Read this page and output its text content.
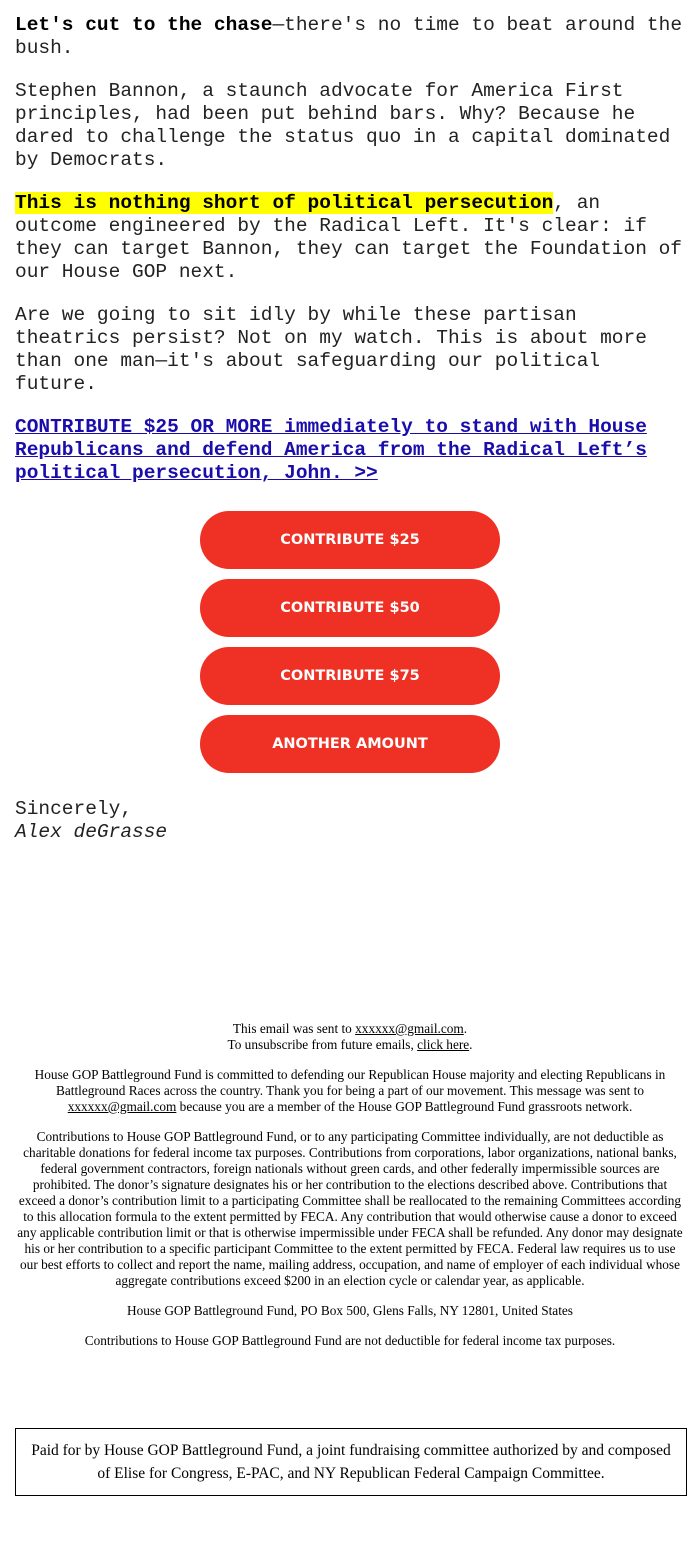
Let's cut to the chase—there's no time to beat around the bush.

Stephen Bannon, a staunch advocate for America First principles, had been put behind bars. Why? Because he dared to challenge the status quo in a capital dominated by Democrats.

This is nothing short of political persecution, an outcome engineered by the Radical Left. It's clear: if they can target Bannon, they can target the Foundation of our House GOP next.

Are we going to sit idly by while these partisan theatrics persist? Not on my watch. This is about more than one man—it's about safeguarding our political future.

CONTRIBUTE $25 OR MORE immediately to stand with House Republicans and defend America from the Radical Left’s political persecution, John. >>

CONTRIBUTE $25
CONTRIBUTE $50
CONTRIBUTE $75
ANOTHER AMOUNT
Sincerely,
Alex deGrasse

This email was sent to xxxxxx@gmail.com.
To unsubscribe from future emails, click here.

House GOP Battleground Fund is committed to defending our Republican House majority and electing Republicans in Battleground Races across the country. Thank you for being a part of our movement. This message was sent to xxxxxx@gmail.com because you are a member of the House GOP Battleground Fund grassroots network.

Contributions to House GOP Battleground Fund, or to any participating Committee individually, are not deductible as charitable donations for federal income tax purposes. Contributions from corporations, labor organizations, national banks, federal government contractors, foreign nationals without green cards, and other federally impermissible sources are prohibited. The donor’s signature designates his or her contribution to the elections described above. Contributions that exceed a donor’s contribution limit to a participating Committee shall be reallocated to the remaining Committees according to this allocation formula to the extent permitted by FECA. Any contribution that would otherwise cause a donor to exceed any applicable contribution limit or that is otherwise impermissible under FECA shall be refunded. Any donor may designate his or her contribution to a specific participant Committee to the extent permitted by FECA. Federal law requires us to use our best efforts to collect and report the name, mailing address, occupation, and name of employer of each individual whose aggregate contributions exceed $200 in an election cycle or calendar year, as applicable.

House GOP Battleground Fund, PO Box 500, Glens Falls, NY 12801, United States

Contributions to House GOP Battleground Fund are not deductible for federal income tax purposes.

Paid for by House GOP Battleground Fund, a joint fundraising committee authorized by and composed of Elise for Congress, E-PAC, and NY Republican Federal Campaign Committee.
